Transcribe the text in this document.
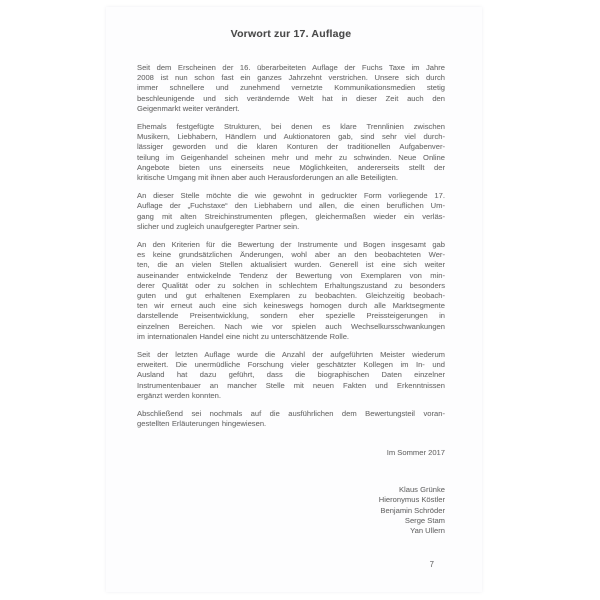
Vorwort zur 17. Auflage
Seit dem Erscheinen der 16. überarbeiteten Auflage der Fuchs Taxe im Jahre
2008 ist nun schon fast ein ganzes Jahrzehnt verstrichen. Unsere sich durch
immer schnellere und zunehmend vernetzte Kommunikationsmedien stetig
beschleunigende und sich verändernde Welt hat in dieser Zeit auch den
Geigenmarkt weiter verändert.
Ehemals festgefügte Strukturen, bei denen es klare Trennlinien zwischen
Musikern, Liebhabern, Händlern und Auktionatoren gab, sind sehr viel durch-
lässiger geworden und die klaren Konturen der traditionellen Aufgabenver-
teilung im Geigenhandel scheinen mehr und mehr zu schwinden. Neue Online
Angebote bieten uns einerseits neue Möglichkeiten, andererseits stellt der
kritische Umgang mit ihnen aber auch Herausforderungen an alle Beteiligten.
An dieser Stelle möchte die wie gewohnt in gedruckter Form vorliegende 17.
Auflage der „Fuchstaxe“ den Liebhabern und allen, die einen beruflichen Um-
gang mit alten Streichinstrumenten pflegen, gleichermaßen wieder ein verläs-
slicher und zugleich unaufgeregter Partner sein.
An den Kriterien für die Bewertung der Instrumente und Bogen insgesamt gab
es keine grundsätzlichen Änderungen, wohl aber an den beobachteten Wer-
ten, die an vielen Stellen aktualisiert wurden. Generell ist eine sich weiter
auseinander entwickelnde Tendenz der Bewertung von Exemplaren von min-
derer Qualität oder zu solchen in schlechtem Erhaltungszustand zu besonders
guten und gut erhaltenen Exemplaren zu beobachten. Gleichzeitig beobach-
ten wir erneut auch eine sich keineswegs homogen durch alle Marktsegmente
darstellende Preisentwicklung, sondern eher spezielle Preissteigerungen in
einzelnen Bereichen. Nach wie vor spielen auch Wechselkursschwankungen
im internationalen Handel eine nicht zu unterschätzende Rolle.
Seit der letzten Auflage wurde die Anzahl der aufgeführten Meister wiederum
erweitert. Die unermüdliche Forschung vieler geschätzter Kollegen im In- und
Ausland hat dazu geführt, dass die biographischen Daten einzelner
Instrumentenbauer an mancher Stelle mit neuen Fakten und Erkenntnissen
ergänzt werden konnten.
Abschließend sei nochmals auf die ausführlichen dem Bewertungsteil voran-
gestellten Erläuterungen hingewiesen.
Im Sommer 2017
Klaus Grünke
Hieronymus Köstler
Benjamin Schröder
Serge Stam
Yan Ullern
7
